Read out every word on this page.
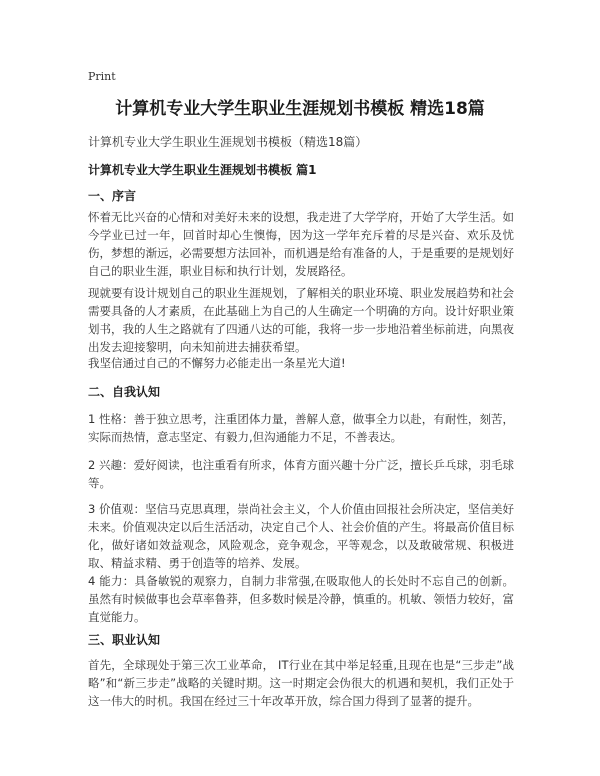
Print
计算机专业大学生职业生涯规划书模板 精选18篇
计算机专业大学生职业生涯规划书模板（精选18篇）
计算机专业大学生职业生涯规划书模板 篇1
一、序言
怀着无比兴奋的心情和对美好未来的设想，我走进了大学学府，开始了大学生活。如今学业已过一年，回首时却心生懊悔，因为这一学年充斥着的尽是兴奋、欢乐及忧伤，梦想的渐远，必需要想方法回补，而机遇是给有准备的人，于是重要的是规划好自己的职业生涯，职业目标和执行计划，发展路径。
现就要有设计规划自己的职业生涯规划，了解相关的职业环境、职业发展趋势和社会需要具备的人才素质，在此基础上为自己的人生确定一个明确的方向。设计好职业策划书，我的人生之路就有了四通八达的可能，我将一步一步地沿着坐标前进，向黑夜出发去迎接黎明，向未知前进去捕获希望。
我坚信通过自己的不懈努力必能走出一条星光大道!
二、自我认知
1 性格：善于独立思考，注重团体力量，善解人意，做事全力以赴，有耐性，刻苦，实际而热情，意志坚定、有毅力,但沟通能力不足，不善表达。
2 兴趣：爱好阅读，也注重看有所求，体育方面兴趣十分广泛，擅长乒乓球，羽毛球等。
3 价值观：坚信马克思真理，崇尚社会主义，个人价值由回报社会所决定，坚信美好未来。价值观决定以后生活活动，决定自己个人、社会价值的产生。将最高价值目标化，做好诸如效益观念，风险观念，竞争观念，平等观念，以及敢破常规、积极进取、精益求精、勇于创造等的培养、发展。
4 能力：具备敏锐的观察力，自制力非常强,在吸取他人的长处时不忘自己的创新。虽然有时候做事也会草率鲁莽，但多数时候是冷静，慎重的。机敏、领悟力较好，富直觉能力。
三、职业认知
首先，全球现处于第三次工业革命， IT行业在其中举足轻重,且现在也是“三步走”战略”和“新三步走”战略的关键时期。这一时期定会伪很大的机遇和契机，我们正处于这一伟大的时机。我国在经过三十年改革开放，综合国力得到了显著的提升。
